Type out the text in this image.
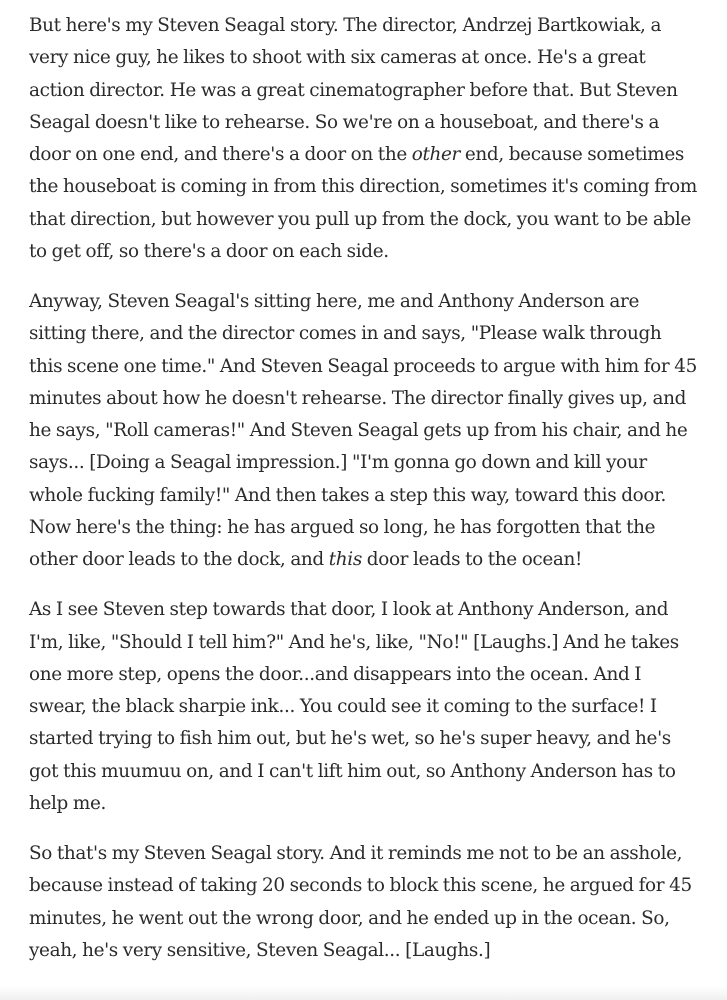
But here's my Steven Seagal story. The director, Andrzej Bartkowiak, a very nice guy, he likes to shoot with six cameras at once. He's a great action director. He was a great cinematographer before that. But Steven Seagal doesn't like to rehearse. So we're on a houseboat, and there's a door on one end, and there's a door on the other end, because sometimes the houseboat is coming in from this direction, sometimes it's coming from that direction, but however you pull up from the dock, you want to be able to get off, so there's a door on each side.

Anyway, Steven Seagal's sitting here, me and Anthony Anderson are sitting there, and the director comes in and says, "Please walk through this scene one time." And Steven Seagal proceeds to argue with him for 45 minutes about how he doesn't rehearse. The director finally gives up, and he says, "Roll cameras!" And Steven Seagal gets up from his chair, and he says... [Doing a Seagal impression.] "I'm gonna go down and kill your whole fucking family!" And then takes a step this way, toward this door. Now here's the thing: he has argued so long, he has forgotten that the other door leads to the dock, and this door leads to the ocean!

As I see Steven step towards that door, I look at Anthony Anderson, and I'm, like, "Should I tell him?" And he's, like, "No!" [Laughs.] And he takes one more step, opens the door...and disappears into the ocean. And I swear, the black sharpie ink... You could see it coming to the surface! I started trying to fish him out, but he's wet, so he's super heavy, and he's got this muumuu on, and I can't lift him out, so Anthony Anderson has to help me.

So that's my Steven Seagal story. And it reminds me not to be an asshole, because instead of taking 20 seconds to block this scene, he argued for 45 minutes, he went out the wrong door, and he ended up in the ocean. So, yeah, he's very sensitive, Steven Seagal... [Laughs.]
